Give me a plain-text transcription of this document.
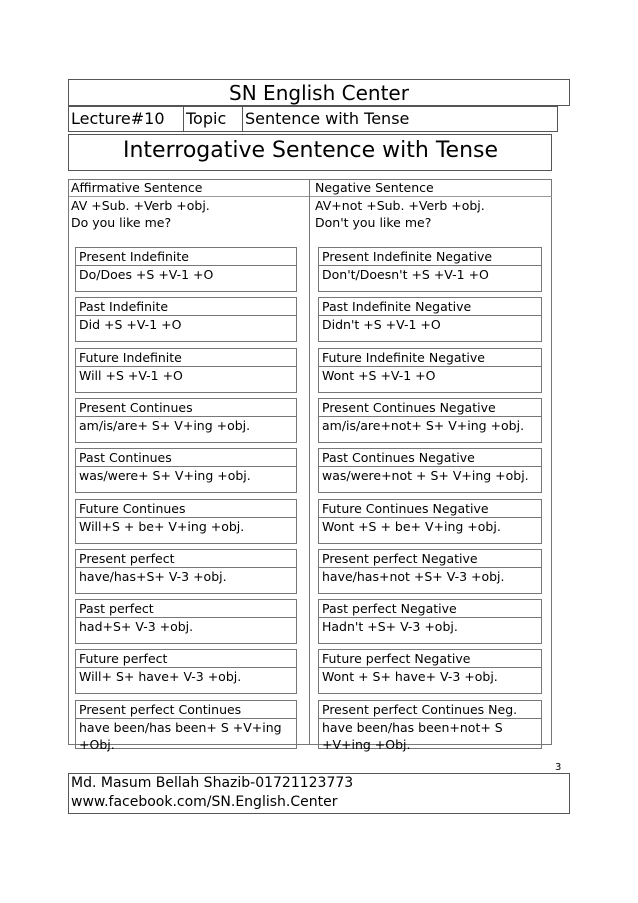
SN English Center
Lecture#10	Topic	Sentence with Tense
Interrogative Sentence with Tense
Affirmative Sentence
AV +Sub. +Verb +obj.
Do you like me?
Negative Sentence
AV+not +Sub. +Verb +obj.
Don't you like me?
Present Indefinite
Do/Does +S +V-1 +O
Present Indefinite Negative
Don't/Doesn't +S +V-1 +O
Past Indefinite
Did +S +V-1 +O
Past Indefinite Negative
Didn't +S +V-1 +O
Future Indefinite
Will +S +V-1 +O
Future Indefinite Negative
Wont +S +V-1 +O
Present Continues
am/is/are+ S+ V+ing +obj.
Present Continues Negative
am/is/are+not+ S+ V+ing +obj.
Past Continues
was/were+ S+ V+ing +obj.
Past Continues Negative
was/were+not + S+ V+ing +obj.
Future Continues
Will+S + be+ V+ing +obj.
Future Continues Negative
Wont +S + be+ V+ing +obj.
Present perfect
have/has+S+ V-3 +obj.
Present perfect Negative
have/has+not +S+ V-3 +obj.
Past perfect
had+S+ V-3 +obj.
Past perfect Negative
Hadn't +S+ V-3 +obj.
Future perfect
Will+ S+ have+ V-3 +obj.
Future perfect Negative
Wont + S+ have+ V-3 +obj.
Present perfect Continues
have been/has been+ S +V+ing +Obj.
Present perfect Continues Neg.
have been/has been+not+ S +V+ing +Obj.
3
Md. Masum Bellah Shazib-01721123773
www.facebook.com/SN.English.Center
